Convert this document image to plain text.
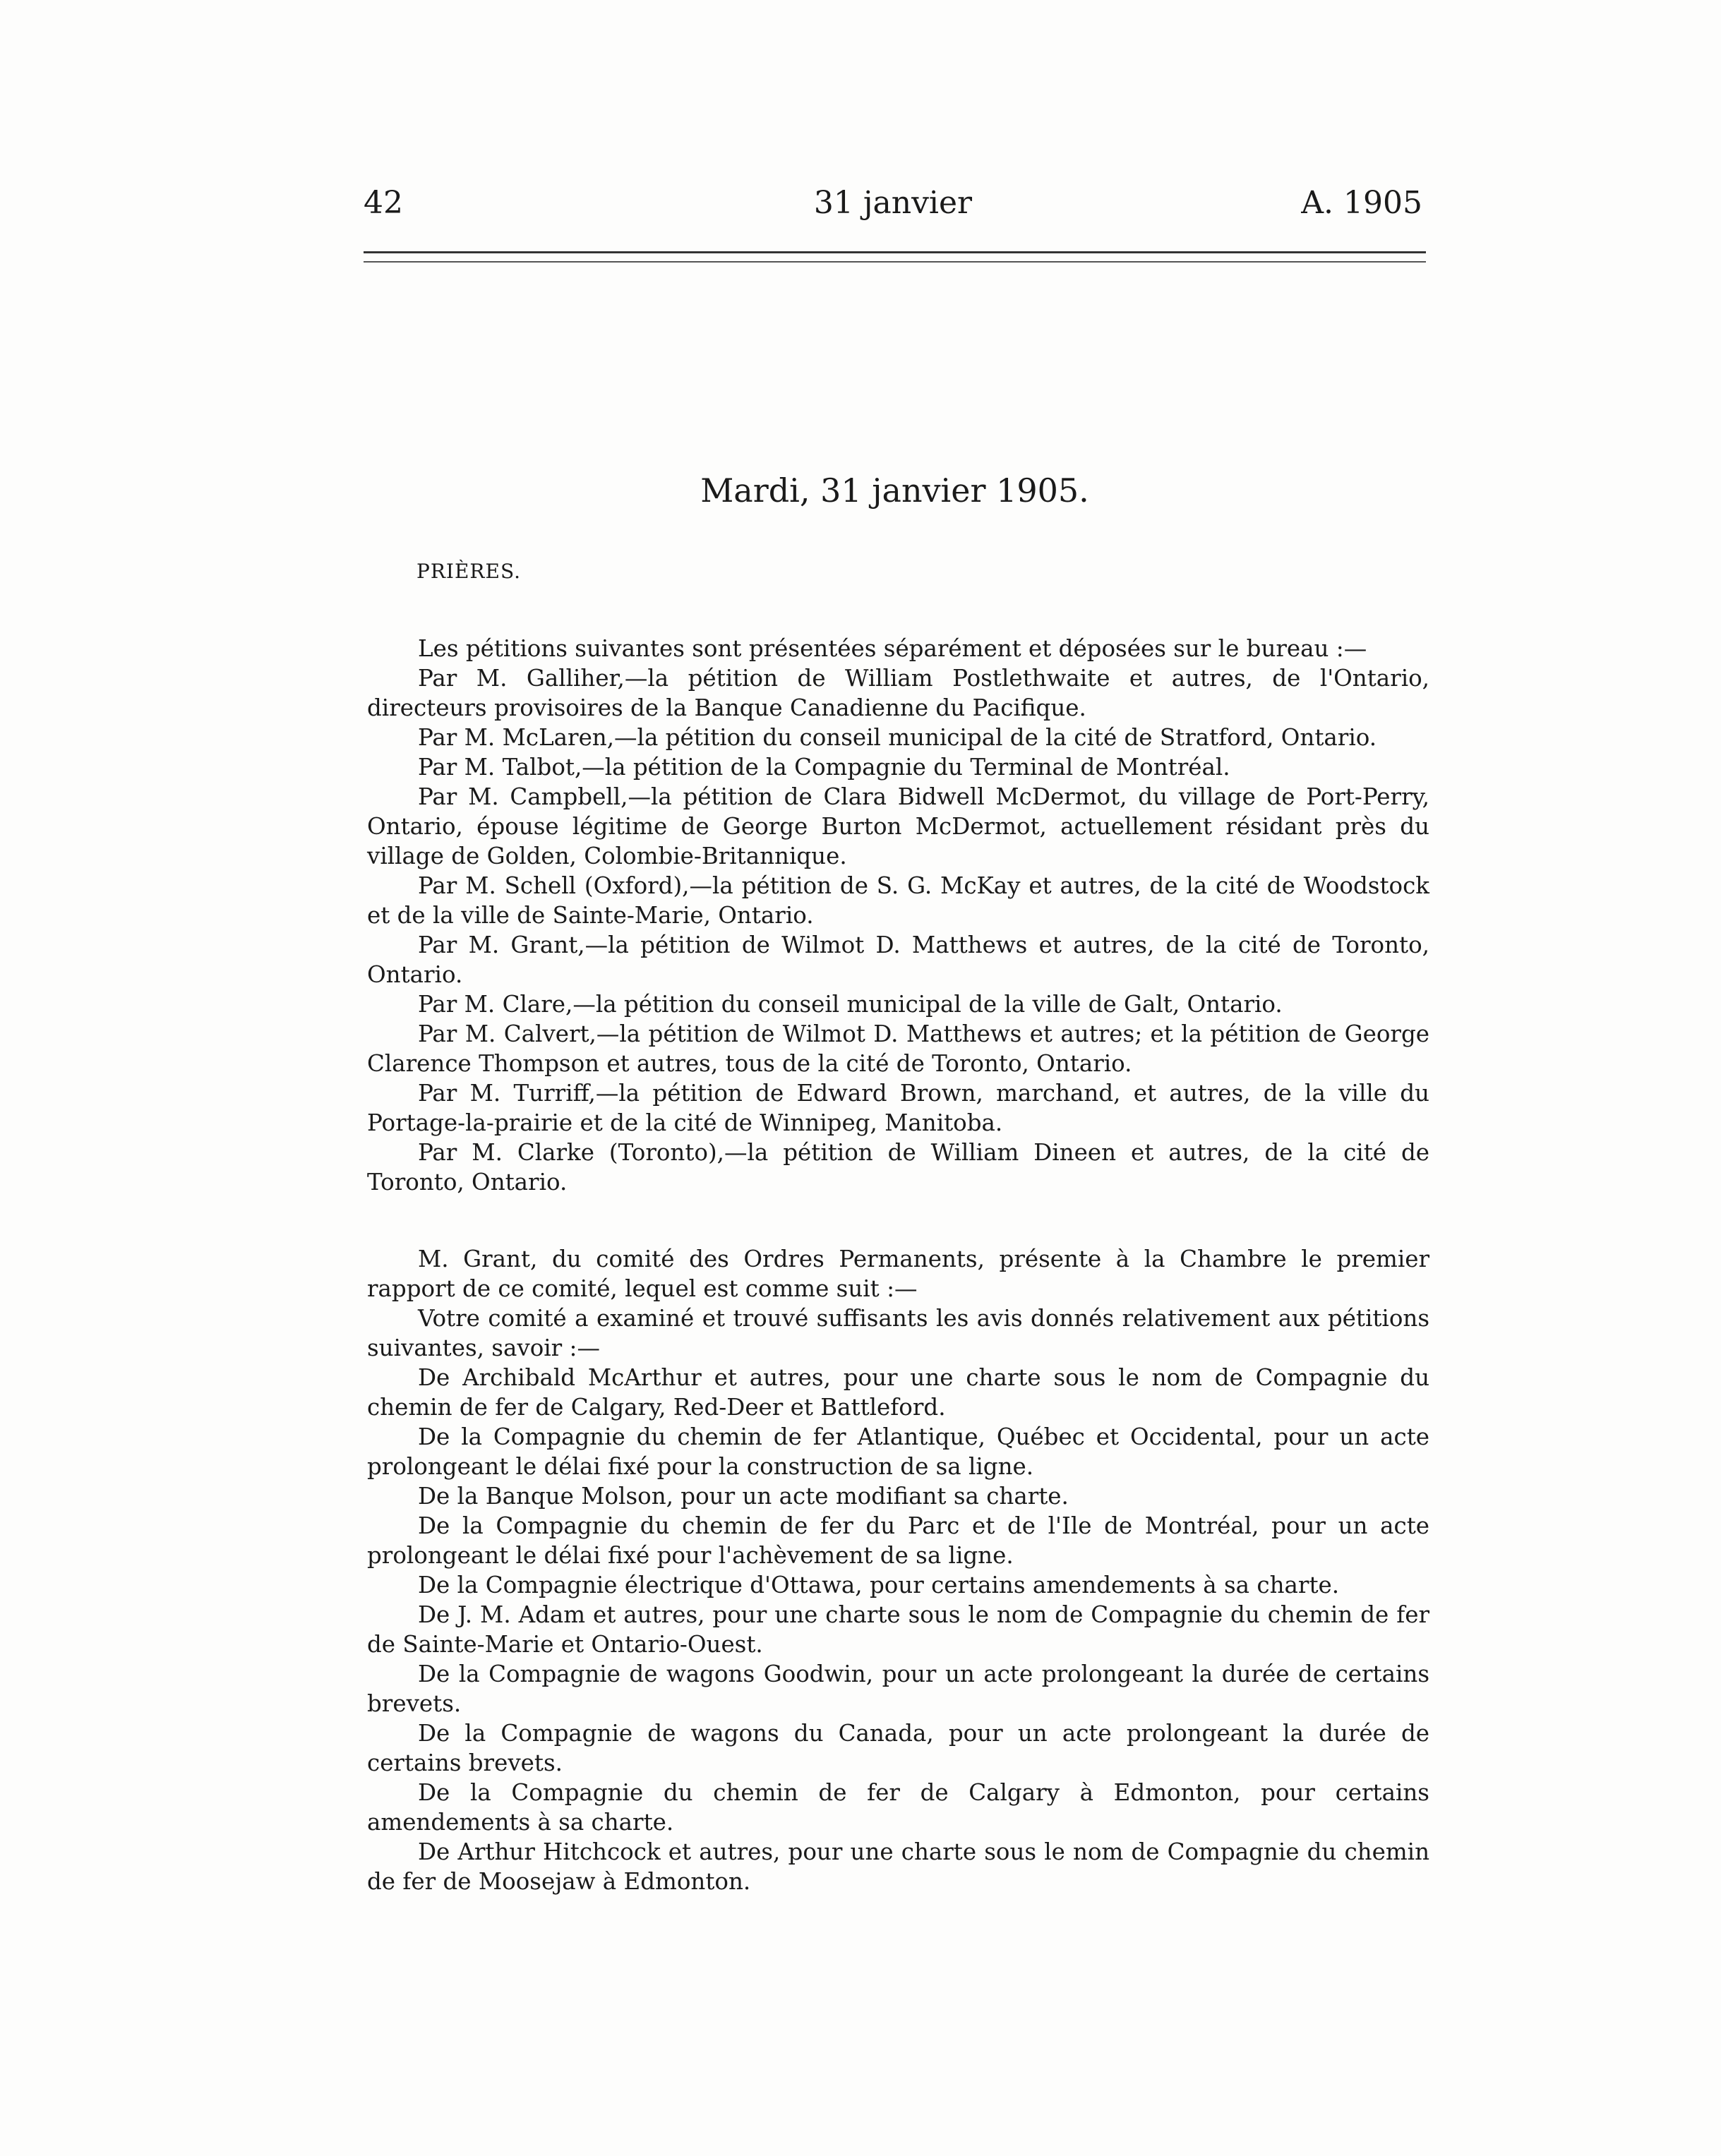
42	31 janvier	A. 1905
Mardi, 31 janvier 1905.
PRIÈRES.

Les pétitions suivantes sont présentées séparément et déposées sur le bureau :—

Par M. Galliher,—la pétition de William Postlethwaite et autres, de l'Ontario, directeurs provisoires de la Banque Canadienne du Pacifique.

Par M. McLaren,—la pétition du conseil municipal de la cité de Stratford, Ontario.

Par M. Talbot,—la pétition de la Compagnie du Terminal de Montréal.

Par M. Campbell,—la pétition de Clara Bidwell McDermot, du village de Port-Perry, Ontario, épouse légitime de George Burton McDermot, actuellement résidant près du village de Golden, Colombie-Britannique.

Par M. Schell (Oxford),—la pétition de S. G. McKay et autres, de la cité de Woodstock et de la ville de Sainte-Marie, Ontario.

Par M. Grant,—la pétition de Wilmot D. Matthews et autres, de la cité de Toronto, Ontario.

Par M. Clare,—la pétition du conseil municipal de la ville de Galt, Ontario.

Par M. Calvert,—la pétition de Wilmot D. Matthews et autres; et la pétition de George Clarence Thompson et autres, tous de la cité de Toronto, Ontario.

Par M. Turriff,—la pétition de Edward Brown, marchand, et autres, de la ville du Portage-la-prairie et de la cité de Winnipeg, Manitoba.

Par M. Clarke (Toronto),—la pétition de William Dineen et autres, de la cité de Toronto, Ontario.

M. Grant, du comité des Ordres Permanents, présente à la Chambre le premier rapport de ce comité, lequel est comme suit :—

Votre comité a examiné et trouvé suffisants les avis donnés relativement aux pétitions suivantes, savoir :—

De Archibald McArthur et autres, pour une charte sous le nom de Compagnie du chemin de fer de Calgary, Red-Deer et Battleford.

De la Compagnie du chemin de fer Atlantique, Québec et Occidental, pour un acte prolongeant le délai fixé pour la construction de sa ligne.

De la Banque Molson, pour un acte modifiant sa charte.

De la Compagnie du chemin de fer du Parc et de l'Ile de Montréal, pour un acte prolongeant le délai fixé pour l'achèvement de sa ligne.

De la Compagnie électrique d'Ottawa, pour certains amendements à sa charte.

De J. M. Adam et autres, pour une charte sous le nom de Compagnie du chemin de fer de Sainte-Marie et Ontario-Ouest.

De la Compagnie de wagons Goodwin, pour un acte prolongeant la durée de certains brevets.

De la Compagnie de wagons du Canada, pour un acte prolongeant la durée de certains brevets.

De la Compagnie du chemin de fer de Calgary à Edmonton, pour certains amendements à sa charte.

De Arthur Hitchcock et autres, pour une charte sous le nom de Compagnie du chemin de fer de Moosejaw à Edmonton.
